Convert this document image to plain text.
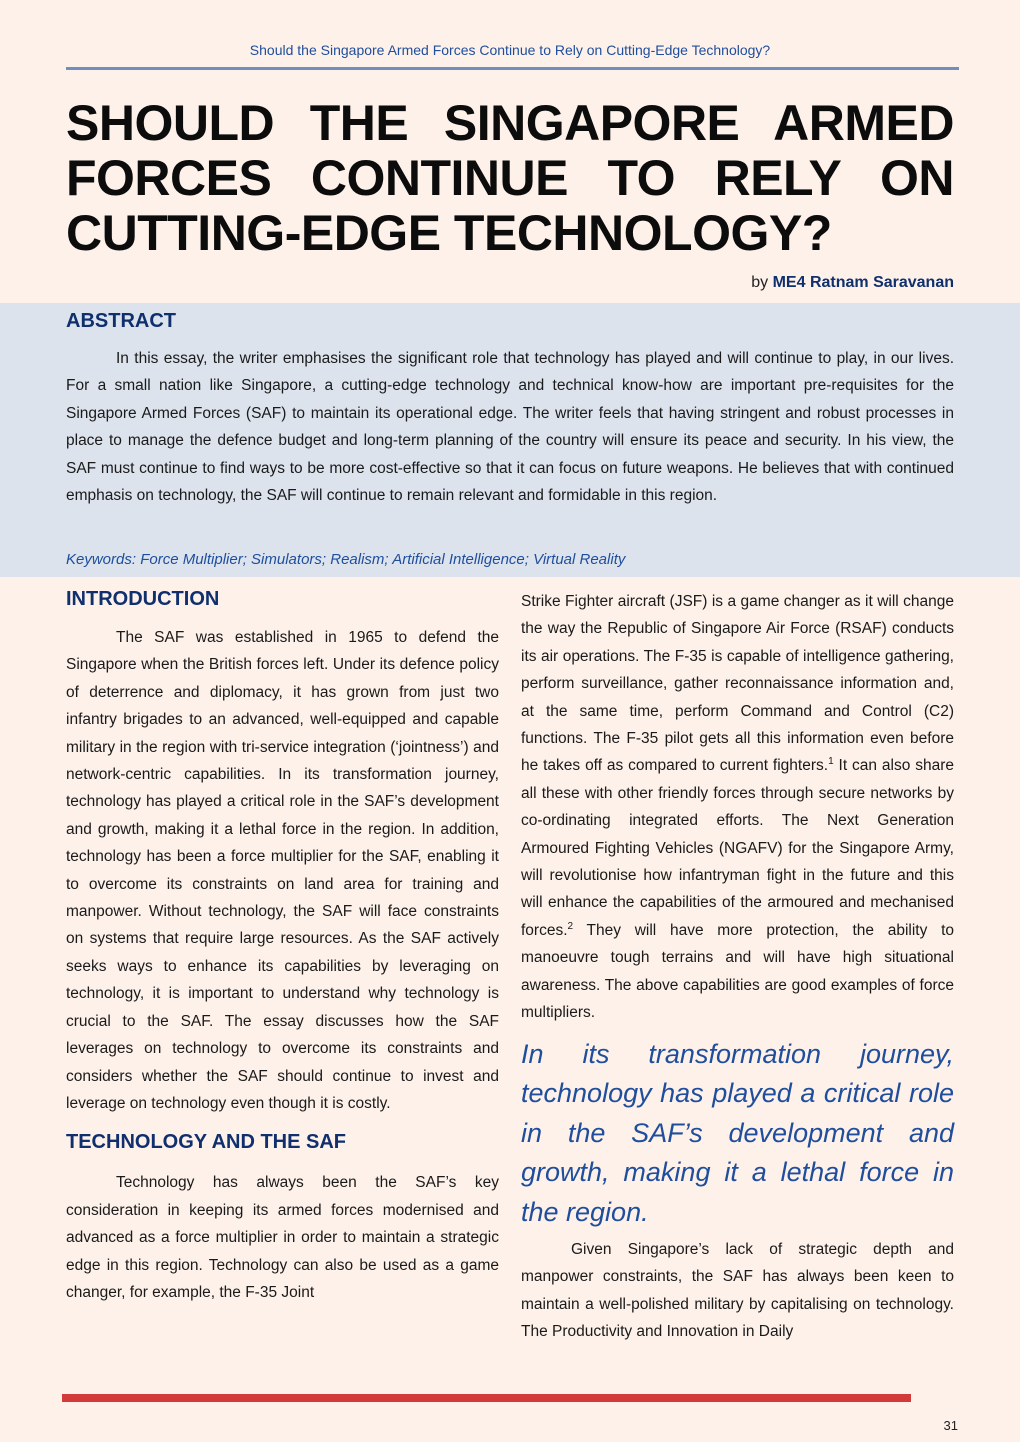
Should the Singapore Armed Forces Continue to Rely on Cutting-Edge Technology?
SHOULD THE SINGAPORE ARMED
FORCES CONTINUE TO RELY ON
CUTTING-EDGE TECHNOLOGY?
by ME4 Ratnam Saravanan
ABSTRACT

In this essay, the writer emphasises the significant role that technology has played and will continue to play, in our lives. For a small nation like Singapore, a cutting-edge technology and technical know-how are important pre-requisites for the Singapore Armed Forces (SAF) to maintain its operational edge. The writer feels that having stringent and robust processes in place to manage the defence budget and long-term planning of the country will ensure its peace and security. In his view, the SAF must continue to find ways to be more cost-effective so that it can focus on future weapons. He believes that with continued emphasis on technology, the SAF will continue to remain relevant and formidable in this region.

Keywords: Force Multiplier; Simulators; Realism; Artificial Intelligence; Virtual Reality
INTRODUCTION

The SAF was established in 1965 to defend the Singapore when the British forces left. Under its defence policy of deterrence and diplomacy, it has grown from just two infantry brigades to an advanced, well-equipped and capable military in the region with tri-service integration (‘jointness’) and network-centric capabilities. In its transformation journey, technology has played a critical role in the SAF’s development and growth, making it a lethal force in the region. In addition, technology has been a force multiplier for the SAF, enabling it to overcome its constraints on land area for training and manpower. Without technology, the SAF will face constraints on systems that require large resources. As the SAF actively seeks ways to enhance its capabilities by leveraging on technology, it is important to understand why technology is crucial to the SAF. The essay discusses how the SAF leverages on technology to overcome its constraints and considers whether the SAF should continue to invest and leverage on technology even though it is costly.

TECHNOLOGY AND THE SAF

Technology has always been the SAF’s key consideration in keeping its armed forces modernised and advanced as a force multiplier in order to maintain a strategic edge in this region. Technology can also be used as a game changer, for example, the F-35 Joint

Strike Fighter aircraft (JSF) is a game changer as it will change the way the Republic of Singapore Air Force (RSAF) conducts its air operations. The F-35 is capable of intelligence gathering, perform surveillance, gather reconnaissance information and, at the same time, perform Command and Control (C2) functions. The F-35 pilot gets all this information even before he takes off as compared to current fighters.$^1$ It can also share all these with other friendly forces through secure networks by co-ordinating integrated efforts. The Next Generation Armoured Fighting Vehicles (NGAFV) for the Singapore Army, will revolutionise how infantryman fight in the future and this will enhance the capabilities of the armoured and mechanised forces.$^2$ They will have more protection, the ability to manoeuvre tough terrains and will have high situational awareness. The above capabilities are good examples of force multipliers.

In its transformation journey, technology has played a critical role in the SAF’s development and growth, making it a lethal force in the region.

Given Singapore’s lack of strategic depth and manpower constraints, the SAF has always been keen to maintain a well-polished military by capitalising on technology. The Productivity and Innovation in Daily

31
